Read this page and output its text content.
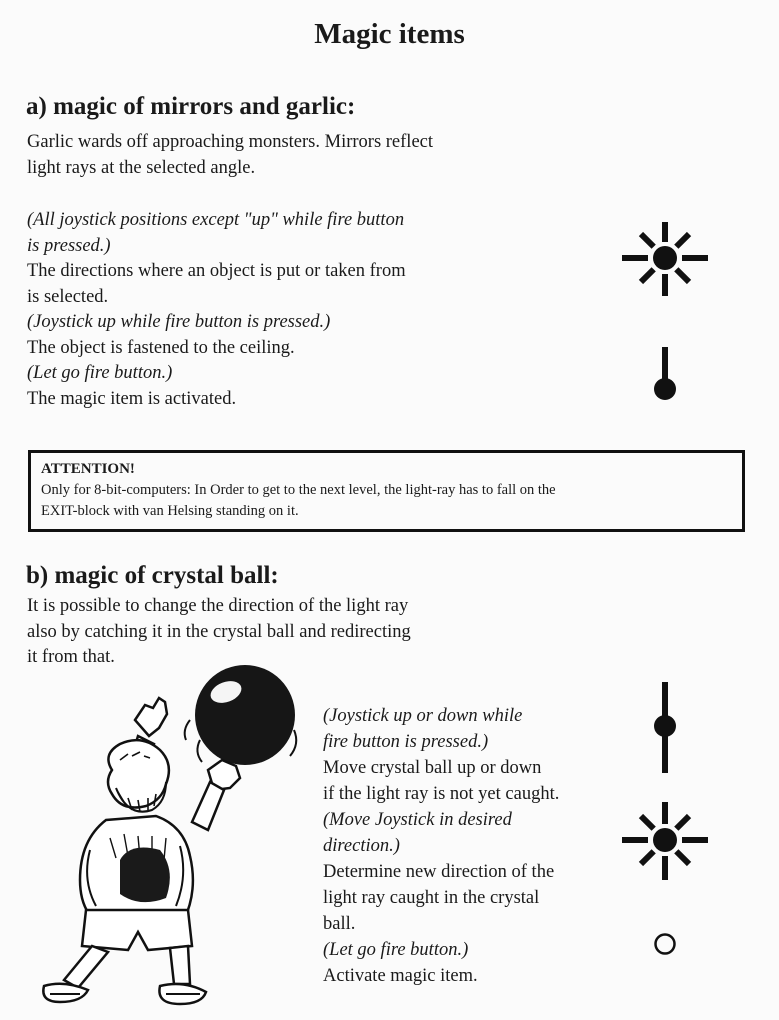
Magic items
a) magic of mirrors and garlic:
Garlic wards off approaching monsters. Mirrors reflect
light rays at the selected angle.
(All joystick positions except "up" while fire button
is pressed.)
The directions where an object is put or taken from
is selected.
(Joystick up while fire button is pressed.)
The object is fastened to the ceiling.
(Let go fire button.)
The magic item is activated.
ATTENTION!
Only for 8-bit-computers: In Order to get to the next level, the light-ray has to fall on the
EXIT-block with van Helsing standing on it.
b) magic of crystal ball:
It is possible to change the direction of the light ray
also by catching it in the crystal ball and redirecting
it from that.
(Joystick up or down while
fire button is pressed.)
Move crystal ball up or down
if the light ray is not yet caught.
(Move Joystick in desired
direction.)
Determine new direction of the
light ray caught in the crystal
ball.
(Let go fire button.)
Activate magic item.
